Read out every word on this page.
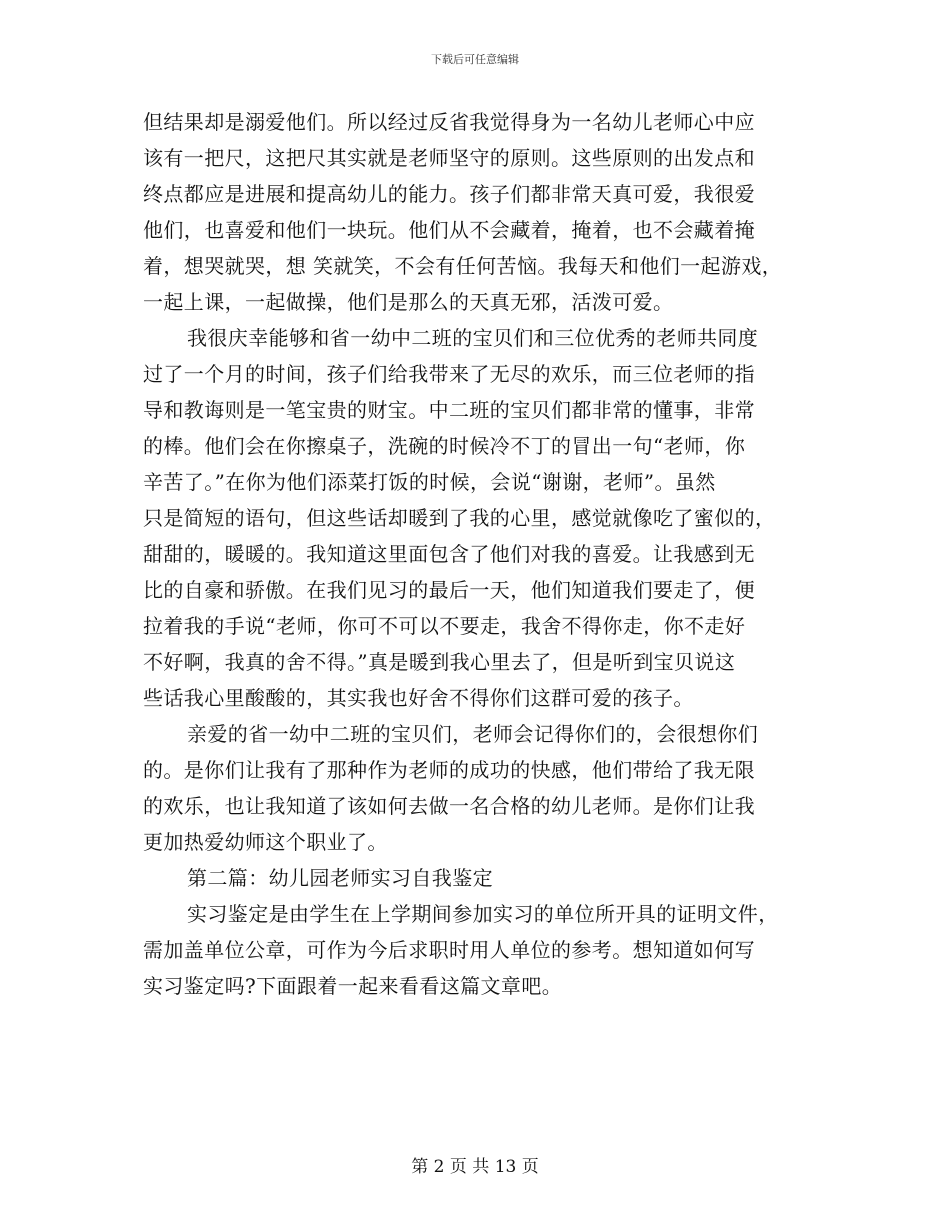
下载后可任意编辑
但结果却是溺爱他们。所以经过反省我觉得身为一名幼儿老师心中应
该有一把尺，这把尺其实就是老师坚守的原则。这些原则的出发点和
终点都应是进展和提高幼儿的能力。孩子们都非常天真可爱，我很爱
他们，也喜爱和他们一块玩。他们从不会藏着，掩着，也不会藏着掩
着，想哭就哭，想 笑就笑，不会有任何苦恼。我每天和他们一起游戏，
一起上课，一起做操，他们是那么的天真无邪，活泼可爱。
我很庆幸能够和省一幼中二班的宝贝们和三位优秀的老师共同度
过了一个月的时间，孩子们给我带来了无尽的欢乐，而三位老师的指
导和教诲则是一笔宝贵的财宝。中二班的宝贝们都非常的懂事，非常
的棒。他们会在你擦桌子，洗碗的时候冷不丁的冒出一句“老师，你
辛苦了。”在你为他们添菜打饭的时候，会说“谢谢，老师”。虽然
只是简短的语句，但这些话却暖到了我的心里，感觉就像吃了蜜似的，
甜甜的，暖暖的。我知道这里面包含了他们对我的喜爱。让我感到无
比的自豪和骄傲。在我们见习的最后一天，他们知道我们要走了，便
拉着我的手说“老师，你可不可以不要走，我舍不得你走，你不走好
不好啊，我真的舍不得。”真是暖到我心里去了，但是听到宝贝说这
些话我心里酸酸的，其实我也好舍不得你们这群可爱的孩子。
亲爱的省一幼中二班的宝贝们，老师会记得你们的，会很想你们
的。是你们让我有了那种作为老师的成功的快感，他们带给了我无限
的欢乐，也让我知道了该如何去做一名合格的幼儿老师。是你们让我
更加热爱幼师这个职业了。
第二篇：幼儿园老师实习自我鉴定
实习鉴定是由学生在上学期间参加实习的单位所开具的证明文件，
需加盖单位公章，可作为今后求职时用人单位的参考。想知道如何写
实习鉴定吗?下面跟着一起来看看这篇文章吧。
第 2 页 共 13 页
